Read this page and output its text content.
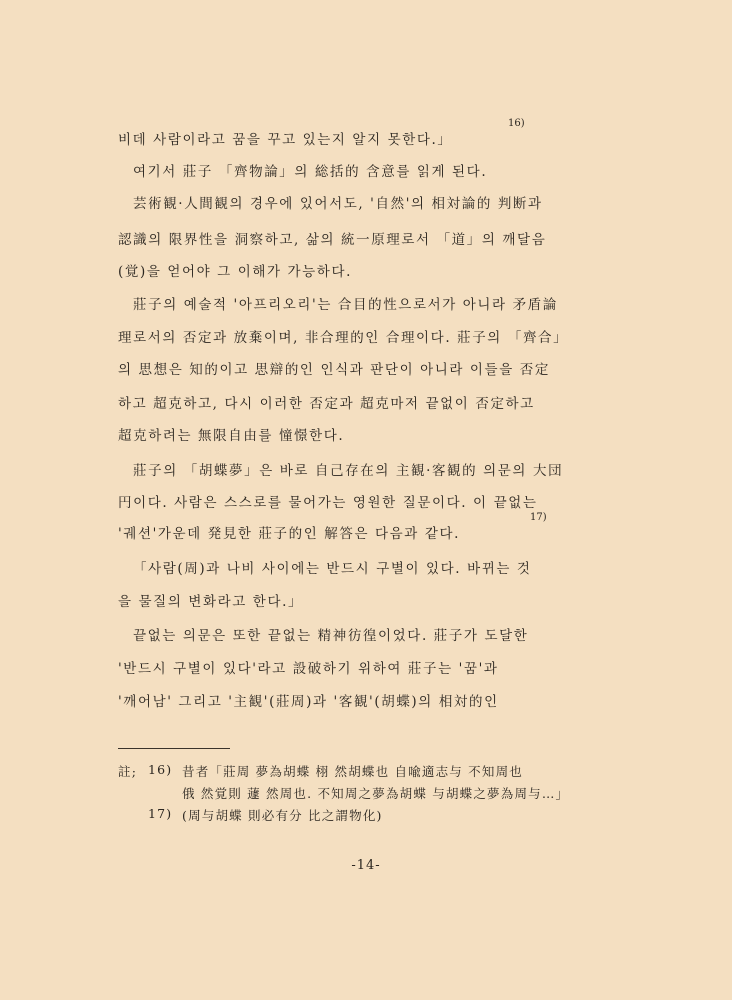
16)
비데 사람이라고 꿈을 꾸고 있는지 알지 못한다.」
여기서 莊子 「齊物論」의 総括的 含意를 읽게 된다.
芸術観·人間観의 경우에 있어서도, '自然'의 相対論的 判断과
認識의 限界性을 洞察하고, 삶의 統一原理로서 「道」의 깨달음
(覚)을 얻어야 그 이해가 가능하다.
莊子의 예술적 '아프리오리'는 合目的性으로서가 아니라 矛盾論
理로서의 否定과 放棄이며, 非合理的인 合理이다. 莊子의 「齊合」
의 思想은 知的이고 思辯的인 인식과 판단이 아니라 이들을 否定
하고 超克하고, 다시 이러한 否定과 超克마저 끝없이 否定하고
超克하려는 無限自由를 憧憬한다.
莊子의 「胡蝶夢」은 바로 自己存在의 主観·客観的 의문의 大団
円이다. 사람은 스스로를 물어가는 영원한 질문이다. 이 끝없는
'궤션'가운데 発見한 莊子的인 解答은 다음과 같다.
17)
「사람(周)과 나비 사이에는 반드시 구별이 있다. 바뀌는 것
을 물질의 변화라고 한다.」
끝없는 의문은 또한 끝없는 精神彷徨이었다. 莊子가 도달한
'반드시 구별이 있다'라고 設破하기 위하여 莊子는 '꿈'과
'깨어남' 그리고 '主観'(莊周)과 '客観'(胡蝶)의 相対的인
註; 16) 昔者「莊周 夢為胡蝶 栩 然胡蝶也 自喩適志与 不知周也
俄 然覚則 蘧 然周也. 不知周之夢為胡蝶 与胡蝶之夢為周与…」
17) (周与胡蝶 則必有分 比之謂物化)
-14-
